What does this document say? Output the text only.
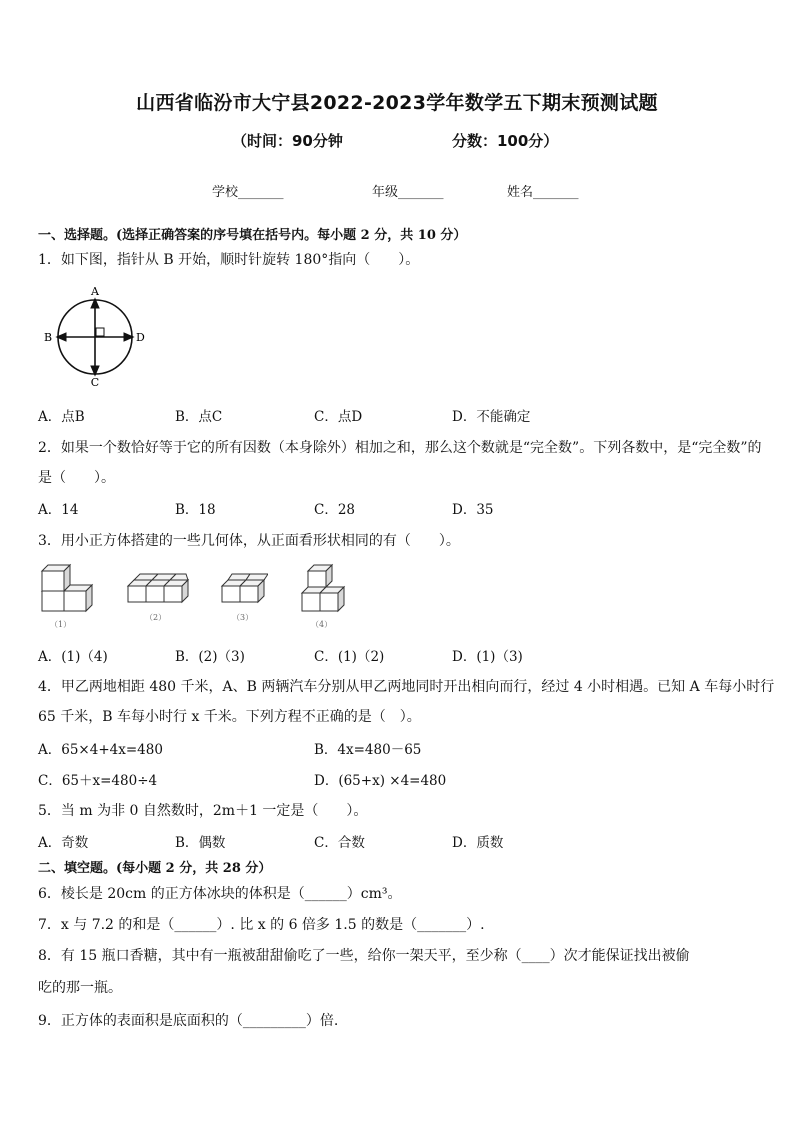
山西省临汾市大宁县2022-2023学年数学五下期末预测试题
（时间：90分钟	分数：100分）
学校_______	年级_______	姓名_______
一、选择题。(选择正确答案的序号填在括号内。每小题 2 分，共 10 分）
1．如下图，指针从 B 开始，顺时针旋转 180°指向（　　）。
A
C
B	D
A．点B	B．点C	C．点D	D．不能确定
2．如果一个数恰好等于它的所有因数（本身除外）相加之和，那么这个数就是“完全数”。下列各数中，是“完全数”的
是（　　）。
A．14	B．18	C．28	D．35
3．用小正方体搭建的一些几何体，从正面看形状相同的有（　　）。
（1）
（2）	（3）
（4）
A．(1)（4)	B．(2)（3)	C．(1)（2)	D．(1)（3)
4．甲乙两地相距 480 千米，A、B 两辆汽车分别从甲乙两地同时开出相向而行，经过 4 小时相遇。已知 A 车每小时行
65 千米，B 车每小时行 x 千米。下列方程不正确的是（　）。
A．65×4+4x=480	B．4x=480－65
C．65＋x=480÷4	D．(65+x) ×4=480
5．当 m 为非 0 自然数时，2m＋1 一定是（　　）。
A．奇数	B．偶数	C．合数	D．质数
二、填空题。(每小题 2 分，共 28 分）
6．棱长是 20cm 的正方体冰块的体积是（______）cm³。
7．x 与 7.2 的和是（______）. 比 x 的 6 倍多 1.5 的数是（_______）.
8．有 15 瓶口香糖，其中有一瓶被甜甜偷吃了一些，给你一架天平，至少称（____）次才能保证找出被偷
吃的那一瓶。
9．正方体的表面积是底面积的（_________）倍.
